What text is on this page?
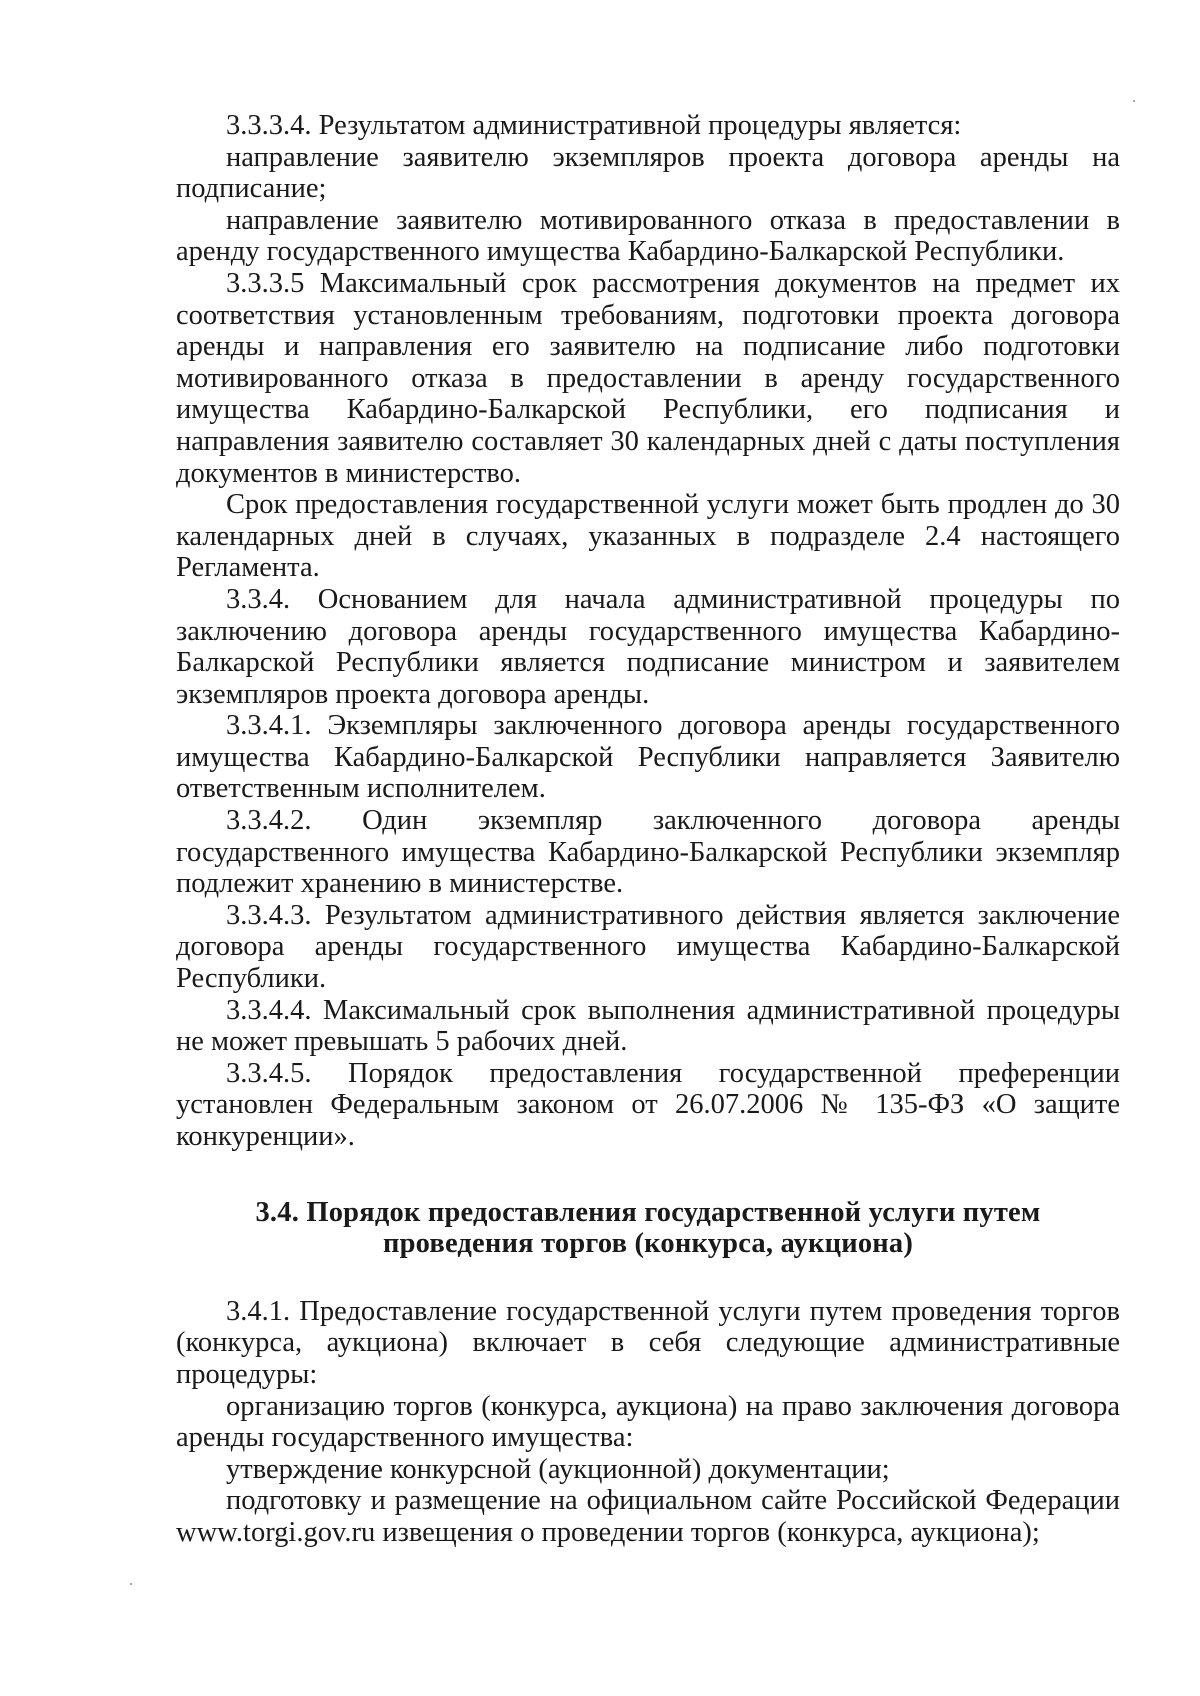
3.3.3.4. Результатом административной процедуры является:

направление заявителю экземпляров проекта договора аренды на подписание;

направление заявителю мотивированного отказа в предоставлении в аренду государственного имущества Кабардино-Балкарской Республики.

3.3.3.5 Максимальный срок рассмотрения документов на предмет их соответствия установленным требованиям, подготовки проекта договора аренды и направления его заявителю на подписание либо подготовки мотивированного отказа в предоставлении в аренду государственного имущества Кабардино-Балкарской Республики, его подписания и направления заявителю составляет 30 календарных дней с даты поступления документов в министерство.

Срок предоставления государственной услуги может быть продлен до 30 календарных дней в случаях, указанных в подразделе 2.4 настоящего Регламента.

3.3.4. Основанием для начала административной процедуры по заключению договора аренды государственного имущества Кабардино-Балкарской Республики является подписание министром и заявителем экземпляров проекта договора аренды.

3.3.4.1. Экземпляры заключенного договора аренды государственного имущества Кабардино-Балкарской Республики направляется Заявителю ответственным исполнителем.

3.3.4.2. Один экземпляр заключенного договора аренды государственного имущества Кабардино-Балкарской Республики экземпляр подлежит хранению в министерстве.

3.3.4.3. Результатом административного действия является заключение договора аренды государственного имущества Кабардино-Балкарской Республики.

3.3.4.4. Максимальный срок выполнения административной процедуры не может превышать 5 рабочих дней.

3.3.4.5. Порядок предоставления государственной преференции установлен Федеральным законом от 26.07.2006 № 135-ФЗ «О защите конкуренции».

3.4. Порядок предоставления государственной услуги путем

проведения торгов (конкурса, аукциона)

3.4.1. Предоставление государственной услуги путем проведения торгов (конкурса, аукциона) включает в себя следующие административные процедуры:

организацию торгов (конкурса, аукциона) на право заключения договора аренды государственного имущества:

утверждение конкурсной (аукционной) документации;

подготовку и размещение на официальном сайте Российской Федерации www.torgi.gov.ru извещения о проведении торгов (конкурса, аукциона);
